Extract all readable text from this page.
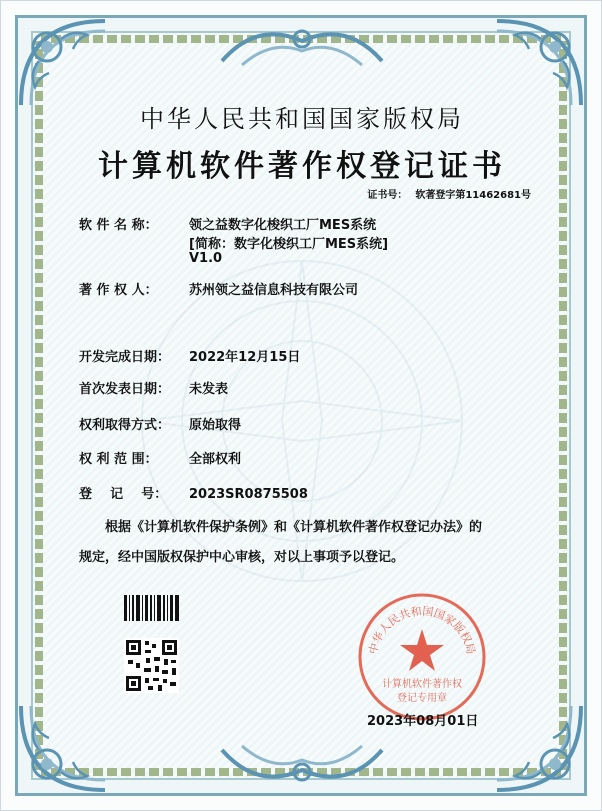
中华人民共和国国家版权局
计算机软件著作权登记证书
证书号： 软著登字第11462681号
软 件 名 称： 领之益数字化梭织工厂MES系统
[简称：数字化梭织工厂MES系统]
V1.0
著 作 权 人： 苏州领之益信息科技有限公司
开发完成日期： 2022年12月15日
首次发表日期： 未发表
权利取得方式： 原始取得
权 利 范 围： 全部权利
登    记    号： 2023SR0875508
根据《计算机软件保护条例》和《计算机软件著作权登记办法》的
规定，经中国版权保护中心审核，对以上事项予以登记。
中华人民共和国国家版权局
计算机软件著作权
登记专用章
2023年08月01日
